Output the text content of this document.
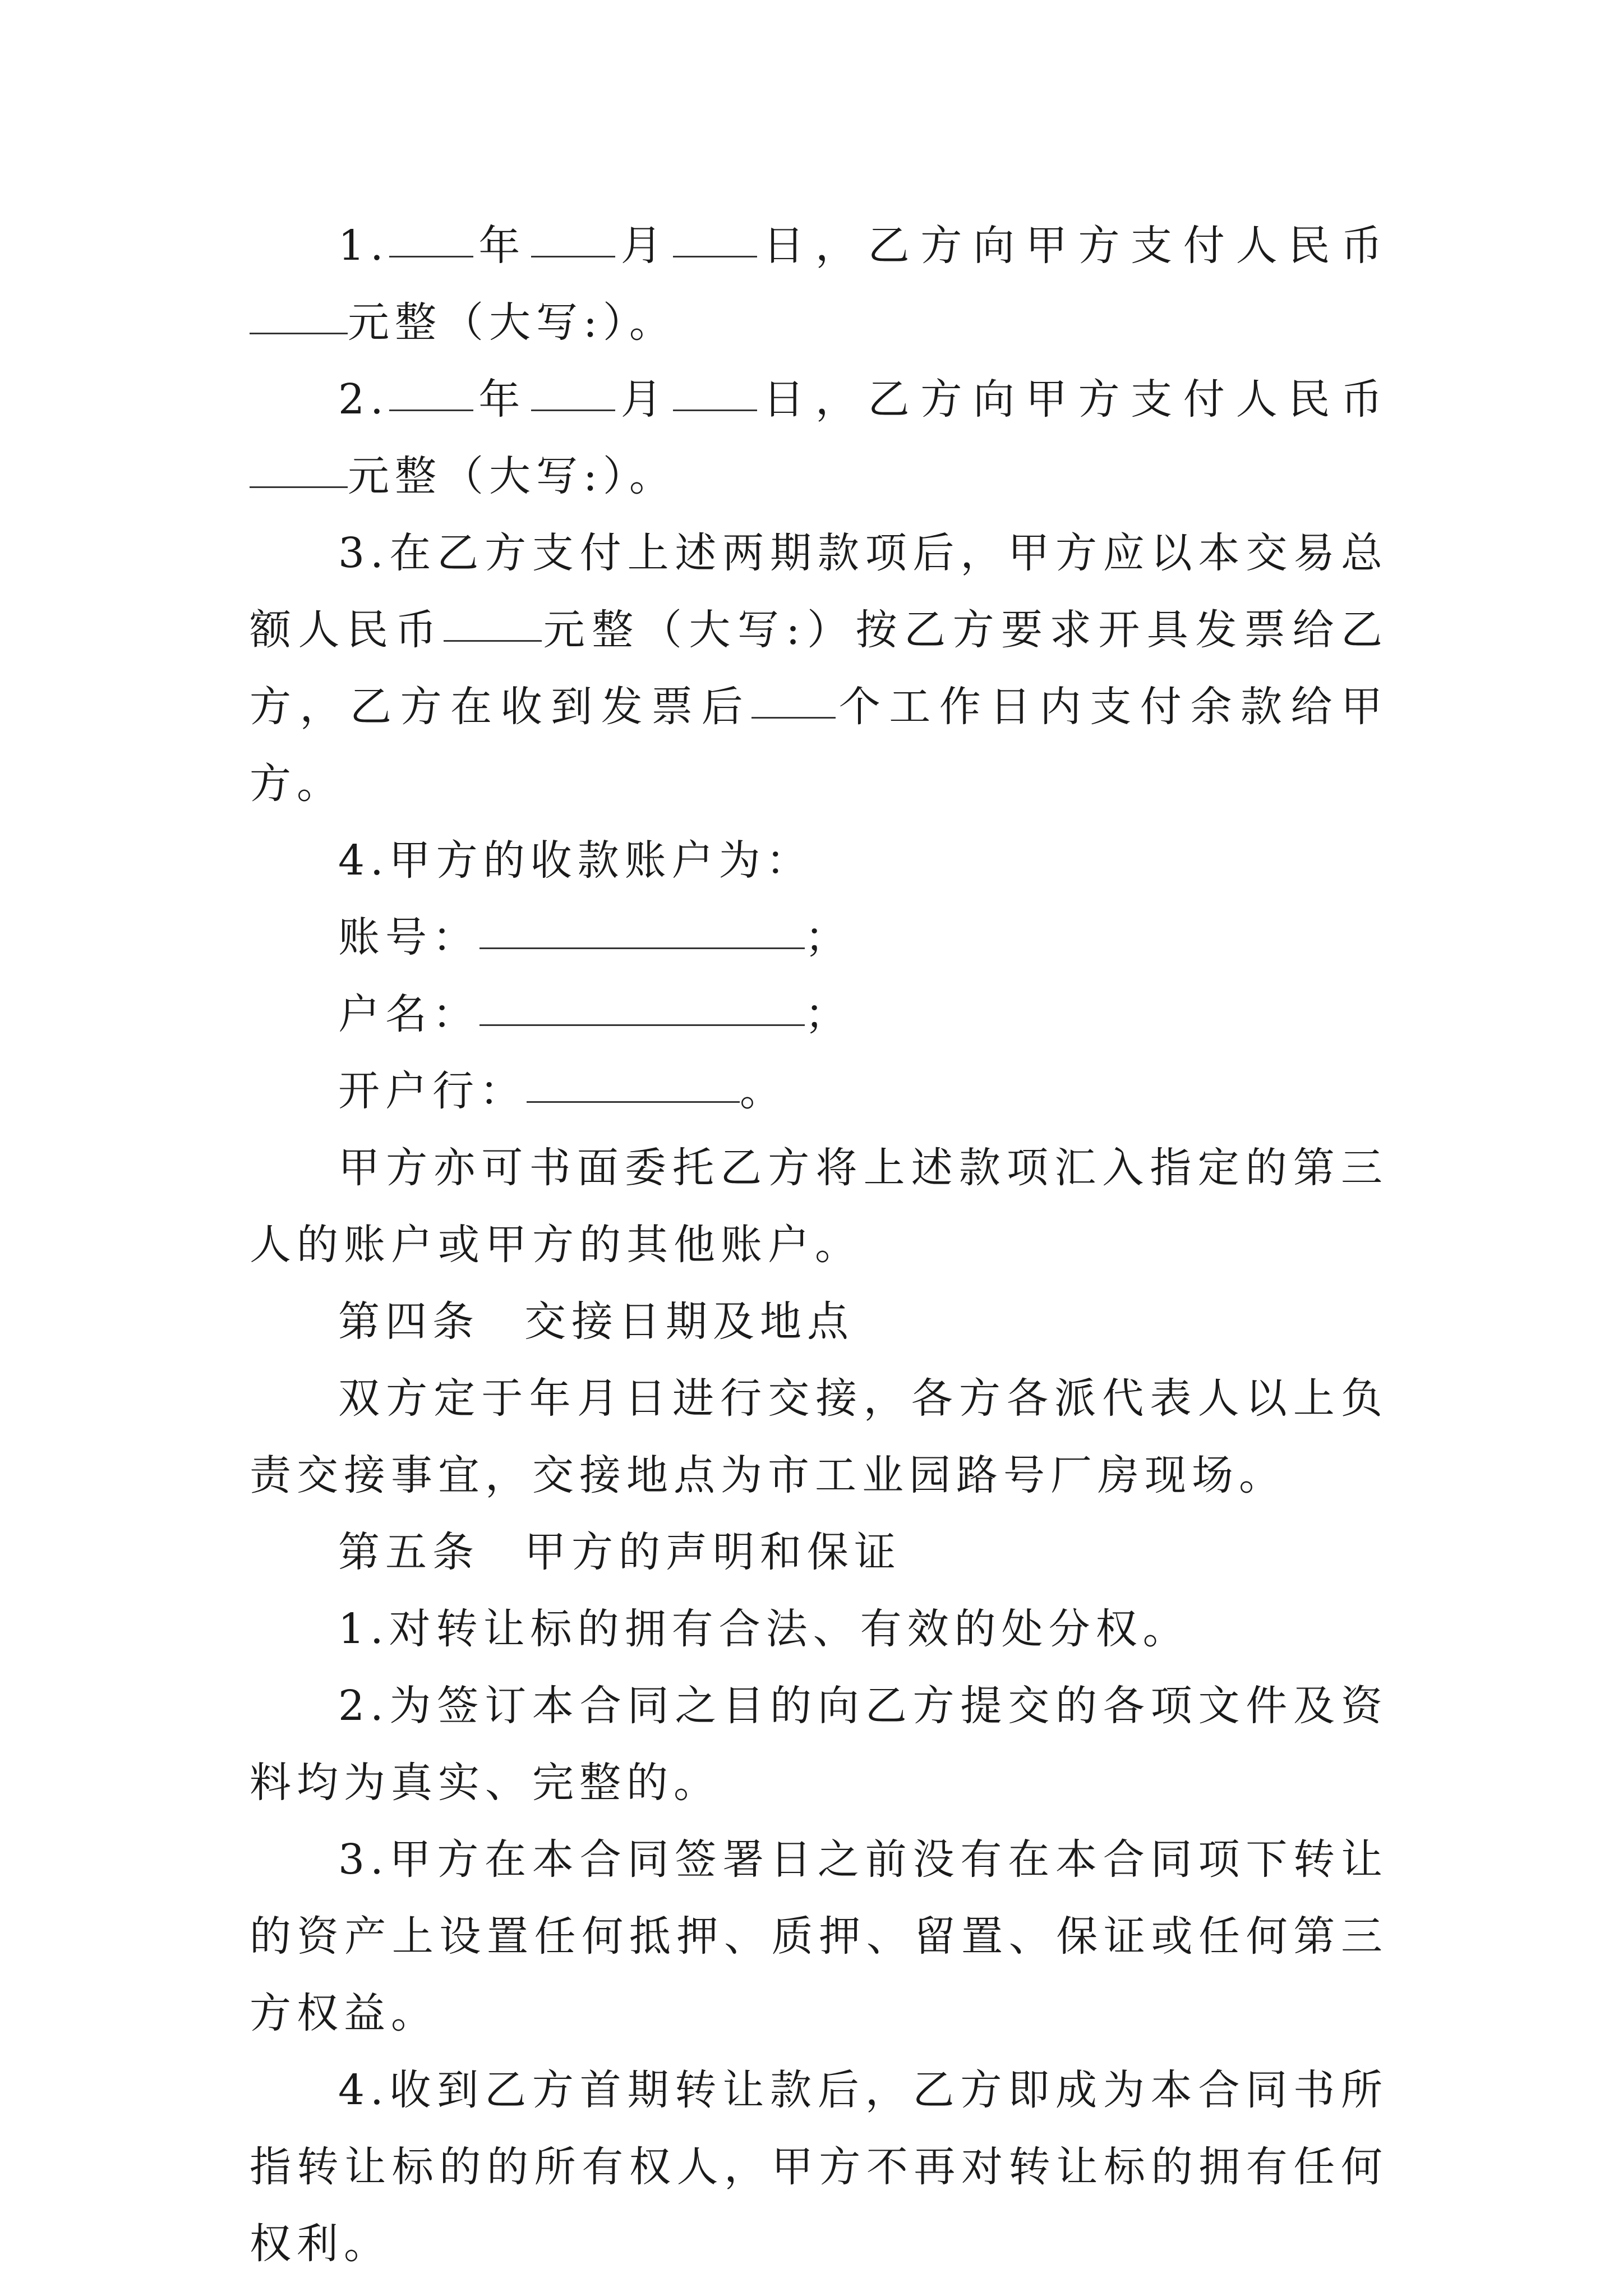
1. 年 月 日，乙方向甲方支付人民币元整（大写:）。

2. 年 月 日，乙方向甲方支付人民币元整（大写:）。

3.在乙方支付上述两期款项后，甲方应以本交易总额人民币 元整（大写:）按乙方要求开具发票给乙方，乙方在收到发票后 个工作日内支付余款给甲方。

4.甲方的收款账户为：

账号：	；

户名：	；

开户行：	。

甲方亦可书面委托乙方将上述款项汇入指定的第三人的账户或甲方的其他账户。

第四条 交接日期及地点

双方定于年月日进行交接，各方各派代表人以上负责交接事宜，交接地点为市工业园路号厂房现场。

第五条 甲方的声明和保证

1.对转让标的拥有合法、有效的处分权。

2.为签订本合同之目的向乙方提交的各项文件及资料均为真实、完整的。

3.甲方在本合同签署日之前没有在本合同项下转让的资产上设置任何抵押、质押、留置、保证或任何第三方权益。

4.收到乙方首期转让款后，乙方即成为本合同书所指转让标的的所有权人，甲方不再对转让标的拥有任何权利。
